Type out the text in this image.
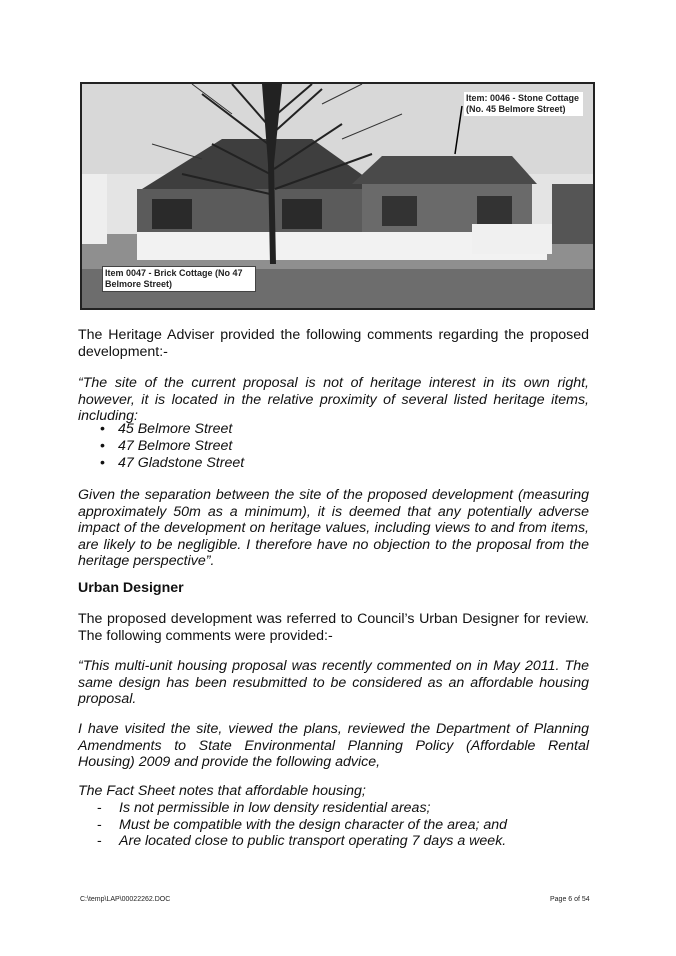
Item: 0046 - Stone Cottage (No. 45 Belmore Street)
Item 0047 - Brick Cottage (No 47 Belmore Street)

The Heritage Adviser provided the following comments regarding the proposed development:-

“The site of the current proposal is not of heritage interest in its own right, however, it is located in the relative proximity of several listed heritage items, including:

• 45 Belmore Street
• 47 Belmore Street
• 47 Gladstone Street

Given the separation between the site of the proposed development (measuring approximately 50m as a minimum), it is deemed that any potentially adverse impact of the development on heritage values, including views to and from items, are likely to be negligible. I therefore have no objection to the proposal from the heritage perspective”.

Urban Designer

The proposed development was referred to Council’s Urban Designer for review. The following comments were provided:-

“This multi-unit housing proposal was recently commented on in May 2011. The same design has been resubmitted to be considered as an affordable housing proposal.

I have visited the site, viewed the plans, reviewed the Department of Planning Amendments to State Environmental Planning Policy (Affordable Rental Housing) 2009 and provide the following advice,

The Fact Sheet notes that affordable housing;

- Is not permissible in low density residential areas;
- Must be compatible with the design character of the area; and
- Are located close to public transport operating 7 days a week.
C:\temp\LAP\00022262.DOC	Page 6 of 54
